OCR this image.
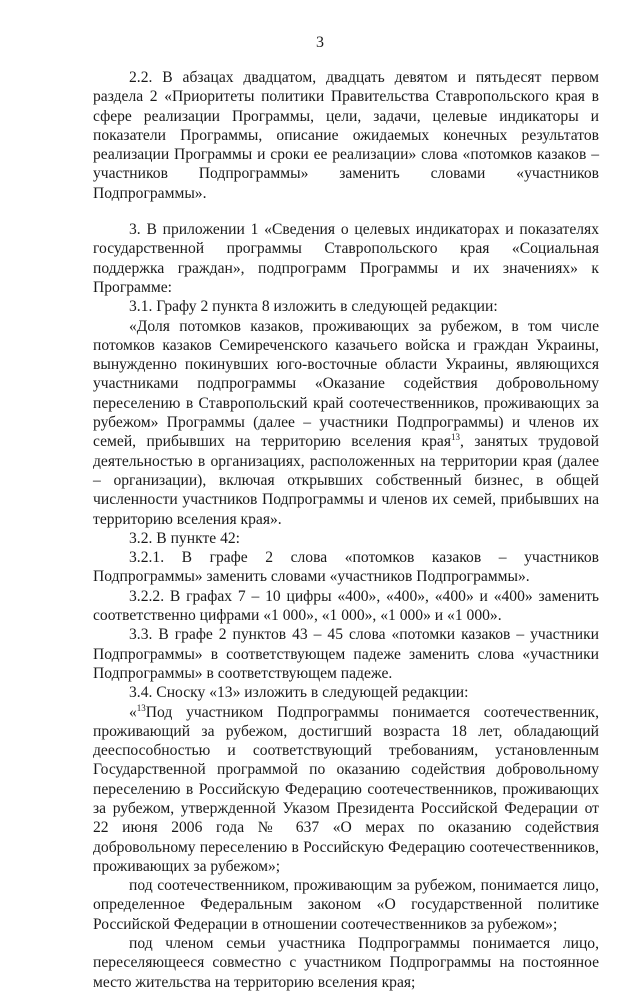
3

2.2. В абзацах двадцатом, двадцать девятом и пятьдесят первом раздела 2 «Приоритеты политики Правительства Ставропольского края в сфере реализации Программы, цели, задачи, целевые индикаторы и показатели Программы, описание ожидаемых конечных результатов реализации Программы и сроки ее реализации» слова «потомков казаков – участников Подпрограммы» заменить словами «участников Подпрограммы».

3. В приложении 1 «Сведения о целевых индикаторах и показателях государственной программы Ставропольского края «Социальная поддержка граждан», подпрограмм Программы и их значениях» к Программе:

3.1. Графу 2 пункта 8 изложить в следующей редакции:

«Доля потомков казаков, проживающих за рубежом, в том числе потомков казаков Семиреченского казачьего войска и граждан Украины, вынужденно покинувших юго-восточные области Украины, являющихся участниками подпрограммы «Оказание содействия добровольному переселению в Ставропольский край соотечественников, проживающих за рубежом» Программы (далее – участники Подпрограммы) и членов их семей, прибывших на территорию вселения края$^{13}$, занятых трудовой деятельностью в организациях, расположенных на территории края (далее – организации), включая открывших собственный бизнес, в общей численности участников Подпрограммы и членов их семей, прибывших на территорию вселения края».

3.2. В пункте 42:

3.2.1. В графе 2 слова «потомков казаков – участников Подпрограммы» заменить словами «участников Подпрограммы».

3.2.2. В графах 7 – 10 цифры «400», «400», «400» и «400» заменить соответственно цифрами «1 000», «1 000», «1 000» и «1 000».

3.3. В графе 2 пунктов 43 – 45 слова «потомки казаков – участники Подпрограммы» в соответствующем падеже заменить слова «участники Подпрограммы» в соответствующем падеже.

3.4. Сноску «13» изложить в следующей редакции:

«$^{13}$Под участником Подпрограммы понимается соотечественник, проживающий за рубежом, достигший возраста 18 лет, обладающий дееспособностью и соответствующий требованиям, установленным Государственной программой по оказанию содействия добровольному переселению в Российскую Федерацию соотечественников, проживающих за рубежом, утвержденной Указом Президента Российской Федерации от 22 июня 2006 года № 637 «О мерах по оказанию содействия добровольному переселению в Российскую Федерацию соотечественников, проживающих за рубежом»;

под соотечественником, проживающим за рубежом, понимается лицо, определенное Федеральным законом «О государственной политике Российской Федерации в отношении соотечественников за рубежом»;

под членом семьи участника Подпрограммы понимается лицо, переселяющееся совместно с участником Подпрограммы на постоянное место жительства на территорию вселения края;
